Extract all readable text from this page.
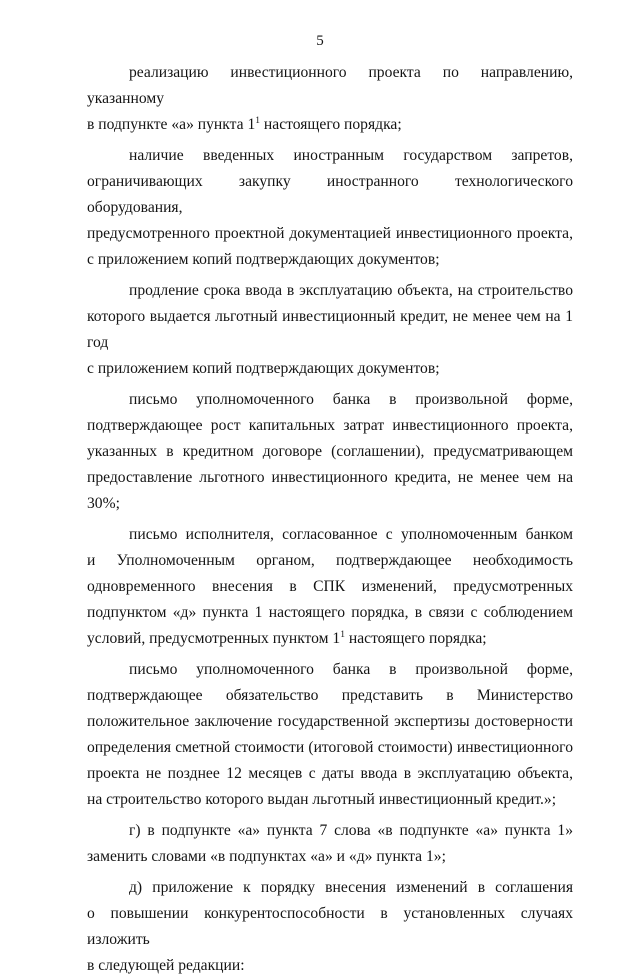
5
реализацию инвестиционного проекта по направлению, указанному
в подпункте «а» пункта $1^1$ настоящего порядка;
наличие введенных иностранным государством запретов,
ограничивающих закупку иностранного технологического оборудования,
предусмотренного проектной документацией инвестиционного проекта,
с приложением копий подтверждающих документов;
продление срока ввода в эксплуатацию объекта, на строительство
которого выдается льготный инвестиционный кредит, не менее чем на 1 год
с приложением копий подтверждающих документов;
письмо уполномоченного банка в произвольной форме,
подтверждающее рост капитальных затрат инвестиционного проекта,
указанных в кредитном договоре (соглашении), предусматривающем
предоставление льготного инвестиционного кредита, не менее чем на 30%;
письмо исполнителя, согласованное с уполномоченным банком
и Уполномоченным органом, подтверждающее необходимость
одновременного внесения в СПК изменений, предусмотренных
подпунктом «д» пункта 1 настоящего порядка, в связи с соблюдением
условий, предусмотренных пунктом $1^1$ настоящего порядка;
письмо уполномоченного банка в произвольной форме,
подтверждающее обязательство представить в Министерство
положительное заключение государственной экспертизы достоверности
определения сметной стоимости (итоговой стоимости) инвестиционного
проекта не позднее 12 месяцев с даты ввода в эксплуатацию объекта,
на строительство которого выдан льготный инвестиционный кредит.»;
г) в подпункте «а» пункта 7 слова «в подпункте «а» пункта 1»
заменить словами «в подпунктах «а» и «д» пункта 1»;
д) приложение к порядку внесения изменений в соглашения
о повышении конкурентоспособности в установленных случаях изложить
в следующей редакции:
